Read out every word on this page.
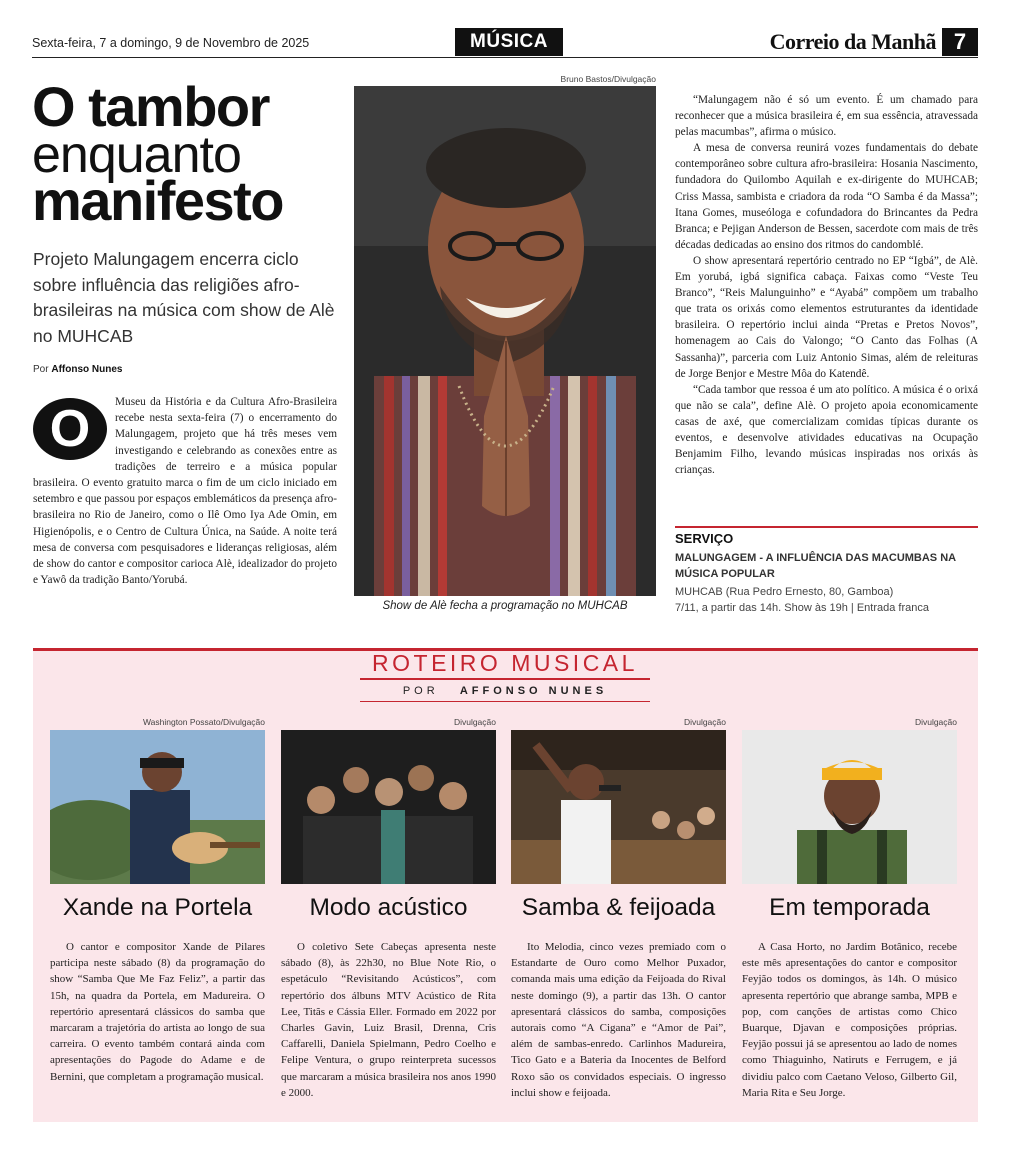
Sexta-feira, 7 a domingo, 9 de Novembro de 2025	MÚSICA	Correio da Manhã 7
O tambor
enquanto
manifesto
Projeto Malungagem encerra ciclo sobre influência das religiões afro-brasileiras na música com show de Alè no MUHCAB
Por Affonso Nunes
O	Museu da História e da Cultura Afro-Brasileira recebe nesta sexta-feira (7) o encerramento do Malungagem, projeto que há três meses vem investigando e celebrando as conexões entre as tradições de terreiro e a música popular brasileira. O evento gratuito marca o fim de um ciclo iniciado em setembro e que passou por espaços emblemáticos da presença afro-brasileira no Rio de Janeiro, como o Ilê Omo Iya Ade Omin, em Higienópolis, e o Centro de Cultura Única, na Saúde. A noite terá mesa de conversa com pesquisadores e lideranças religiosas, além de show do cantor e compositor carioca Alè, idealizador do projeto e Yawô da tradição Banto/Yorubá.
Bruno Bastos/Divulgação
Show de Alè fecha a programação no MUHCAB

“Malungagem não é só um evento. É um chamado para reconhecer que a música brasileira é, em sua essência, atravessada pelas macumbas”, afirma o músico.

A mesa de conversa reunirá vozes fundamentais do debate contemporâneo sobre cultura afro-brasileira: Hosania Nascimento, fundadora do Quilombo Aquilah e ex-dirigente do MUHCAB; Criss Massa, sambista e criadora da roda “O Samba é da Massa”; Itana Gomes, museóloga e cofundadora do Brincantes da Pedra Branca; e Pejigan Anderson de Bessen, sacerdote com mais de três décadas dedicadas ao ensino dos ritmos do candomblé.

O show apresentará repertório centrado no EP “Igbá”, de Alè. Em yorubá, igbá significa cabaça. Faixas como “Veste Teu Branco”, “Reis Malunguinho” e “Ayabá” compõem um trabalho que trata os orixás como elementos estruturantes da identidade brasileira. O repertório inclui ainda “Pretas e Pretos Novos”, homenagem ao Cais do Valongo; “O Canto das Folhas (A Sassanha)”, parceria com Luiz Antonio Simas, além de releituras de Jorge Benjor e Mestre Môa do Katendê.

“Cada tambor que ressoa é um ato político. A música é o orixá que não se cala”, define Alè. O projeto apoia economicamente casas de axé, que comercializam comidas típicas durante os eventos, e desenvolve atividades educativas na Ocupação Benjamim Filho, levando músicas inspiradas nos orixás às crianças.

SERVIÇO
MALUNGAGEM - A INFLUÊNCIA DAS MACUMBAS NA MÚSICA POPULAR
MUHCAB (Rua Pedro Ernesto, 80, Gamboa)
7/11, a partir das 14h. Show às 19h | Entrada franca
ROTEIRO MUSICAL
POR AFFONSO NUNES
Washington Possato/Divulgação
Xande na Portela
O cantor e compositor Xande de Pilares participa neste sábado (8) da programação do show “Samba Que Me Faz Feliz”, a partir das 15h, na quadra da Portela, em Madureira. O repertório apresentará clássicos do samba que marcaram a trajetória do artista ao longo de sua carreira. O evento também contará ainda com apresentações do Pagode do Adame e de Bernini, que completam a programação musical.
Divulgação
Modo acústico
O coletivo Sete Cabeças apresenta neste sábado (8), às 22h30, no Blue Note Rio, o espetáculo “Revisitando Acústicos”, com repertório dos álbuns MTV Acústico de Rita Lee, Titãs e Cássia Eller. Formado em 2022 por Charles Gavin, Luiz Brasil, Drenna, Cris Caffarelli, Daniela Spielmann, Pedro Coelho e Felipe Ventura, o grupo reinterpreta sucessos que marcaram a música brasileira nos anos 1990 e 2000.
Divulgação
Samba & feijoada
Ito Melodia, cinco vezes premiado com o Estandarte de Ouro como Melhor Puxador, comanda mais uma edição da Feijoada do Rival neste domingo (9), a partir das 13h. O cantor apresentará clássicos do samba, composições autorais como “A Cigana” e “Amor de Pai”, além de sambas-enredo. Carlinhos Madureira, Tico Gato e a Bateria da Inocentes de Belford Roxo são os convidados especiais. O ingresso inclui show e feijoada.
Divulgação
Em temporada
A Casa Horto, no Jardim Botânico, recebe este mês apresentações do cantor e compositor Feyjão todos os domingos, às 14h. O músico apresenta repertório que abrange samba, MPB e pop, com canções de artistas como Chico Buarque, Djavan e composições próprias. Feyjão possui já se apresentou ao lado de nomes como Thiaguinho, Natiruts e Ferrugem, e já dividiu palco com Caetano Veloso, Gilberto Gil, Maria Rita e Seu Jorge.
